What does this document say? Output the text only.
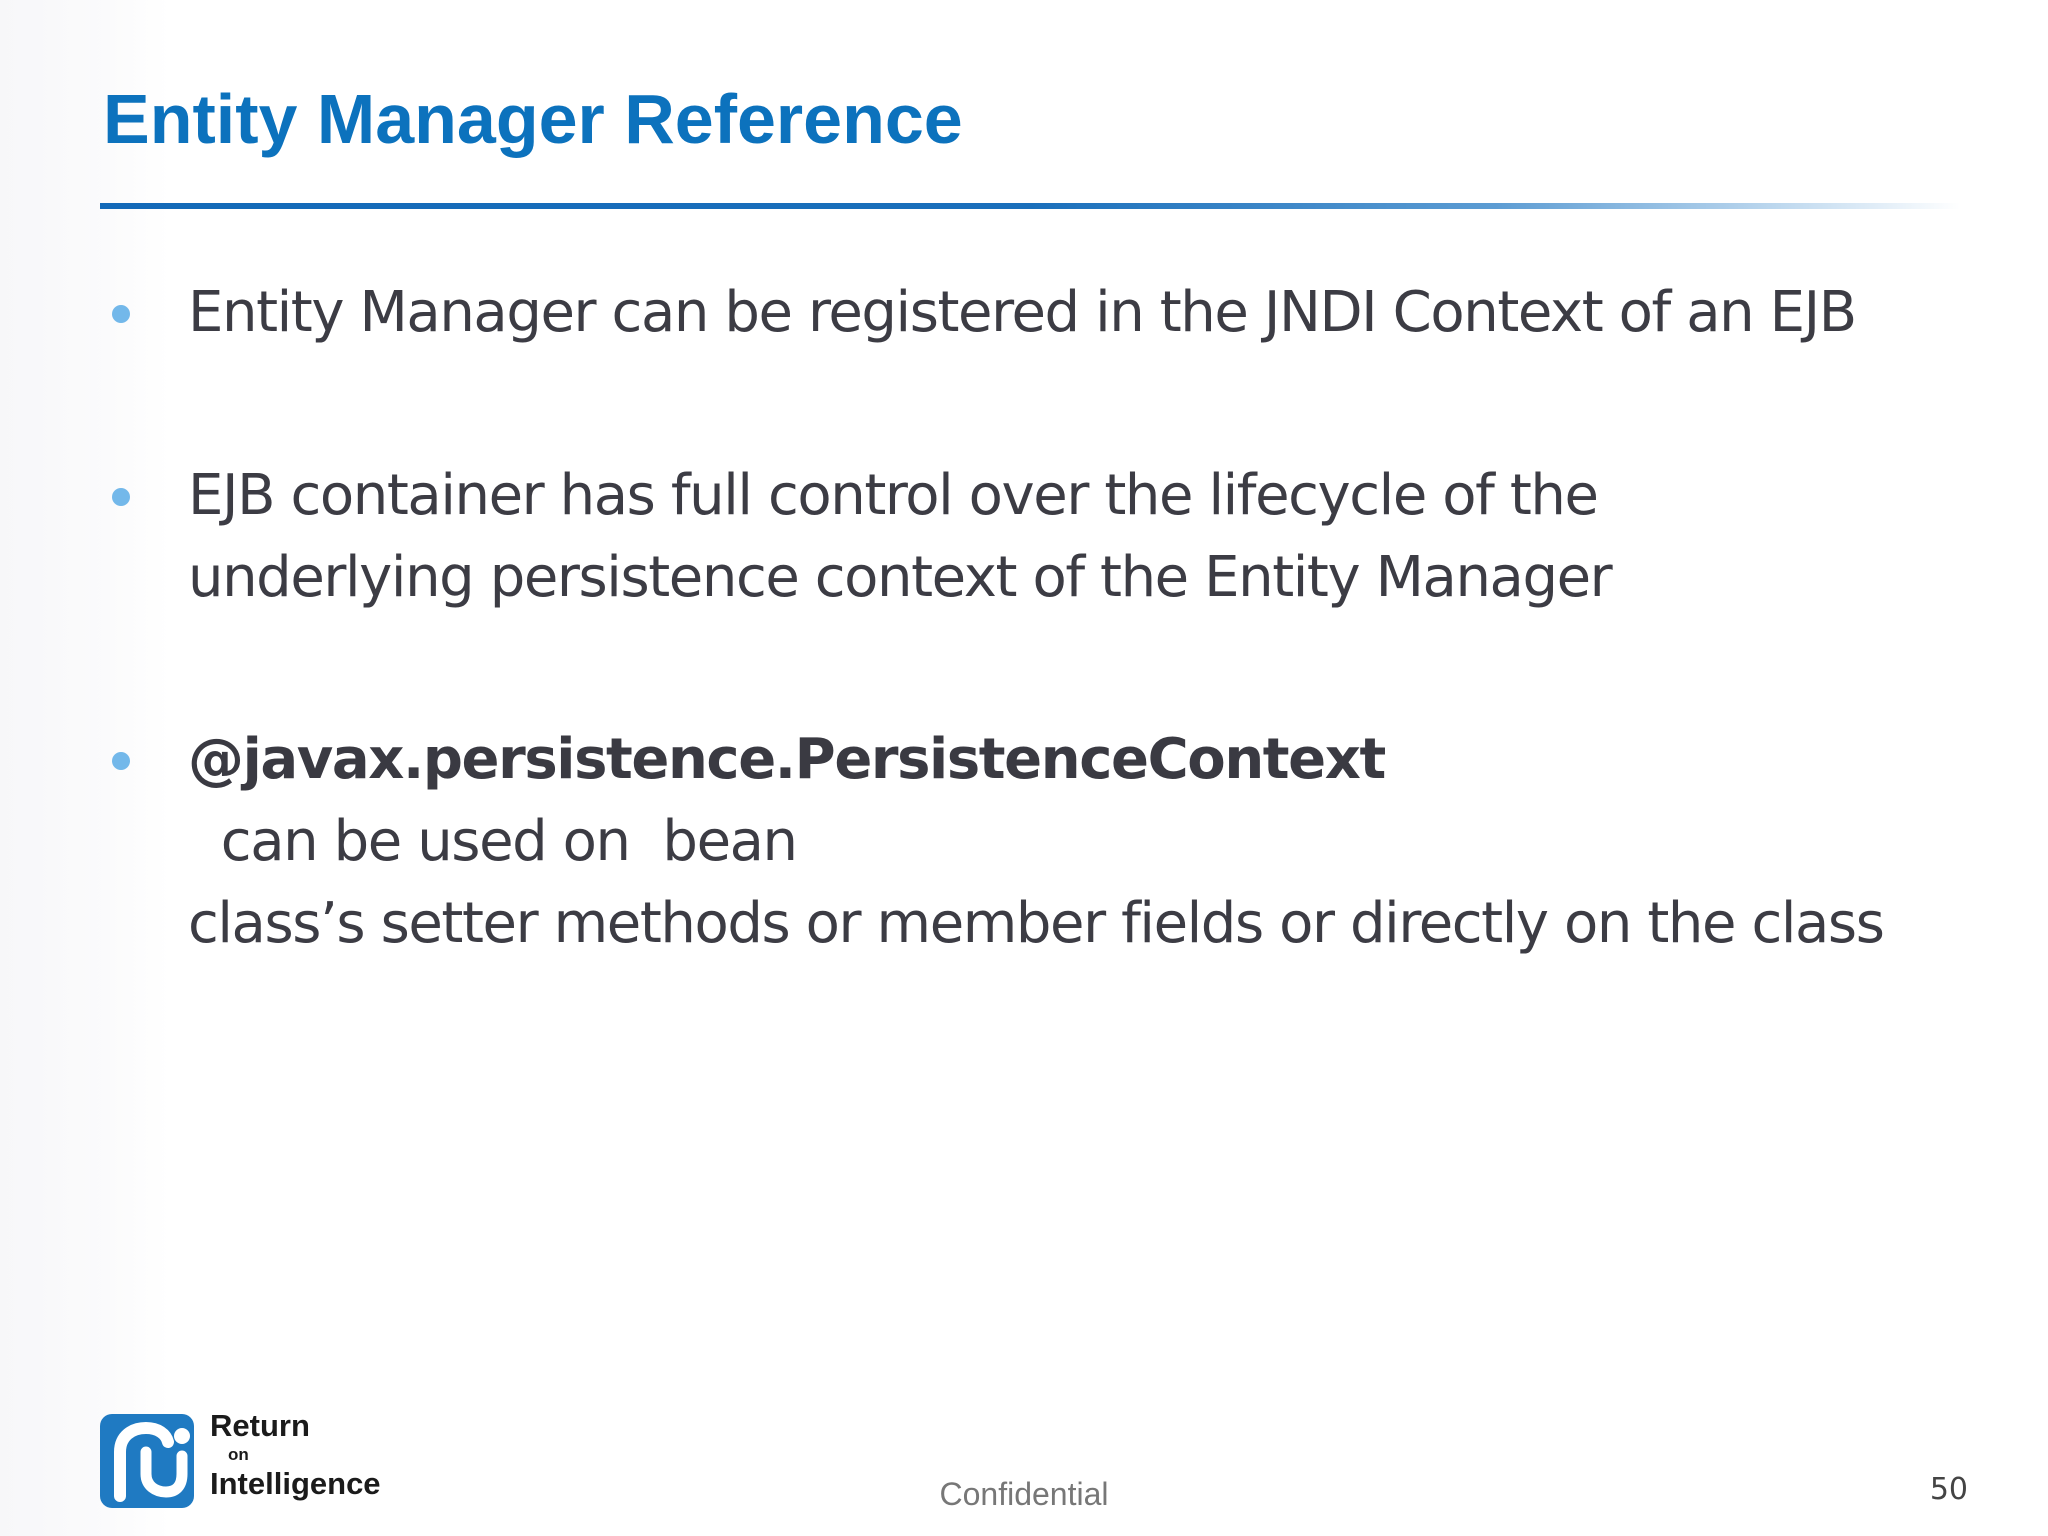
Entity Manager Reference

Entity Manager can be registered in the JNDI Context of an EJB

EJB container has full control over the lifecycle of the
underlying persistence context of the Entity Manager

@javax.persistence.PersistenceContext  can be used on  bean
class’s setter methods or member fields or directly on the class

Return
on
Intelligence	Confidential	50
